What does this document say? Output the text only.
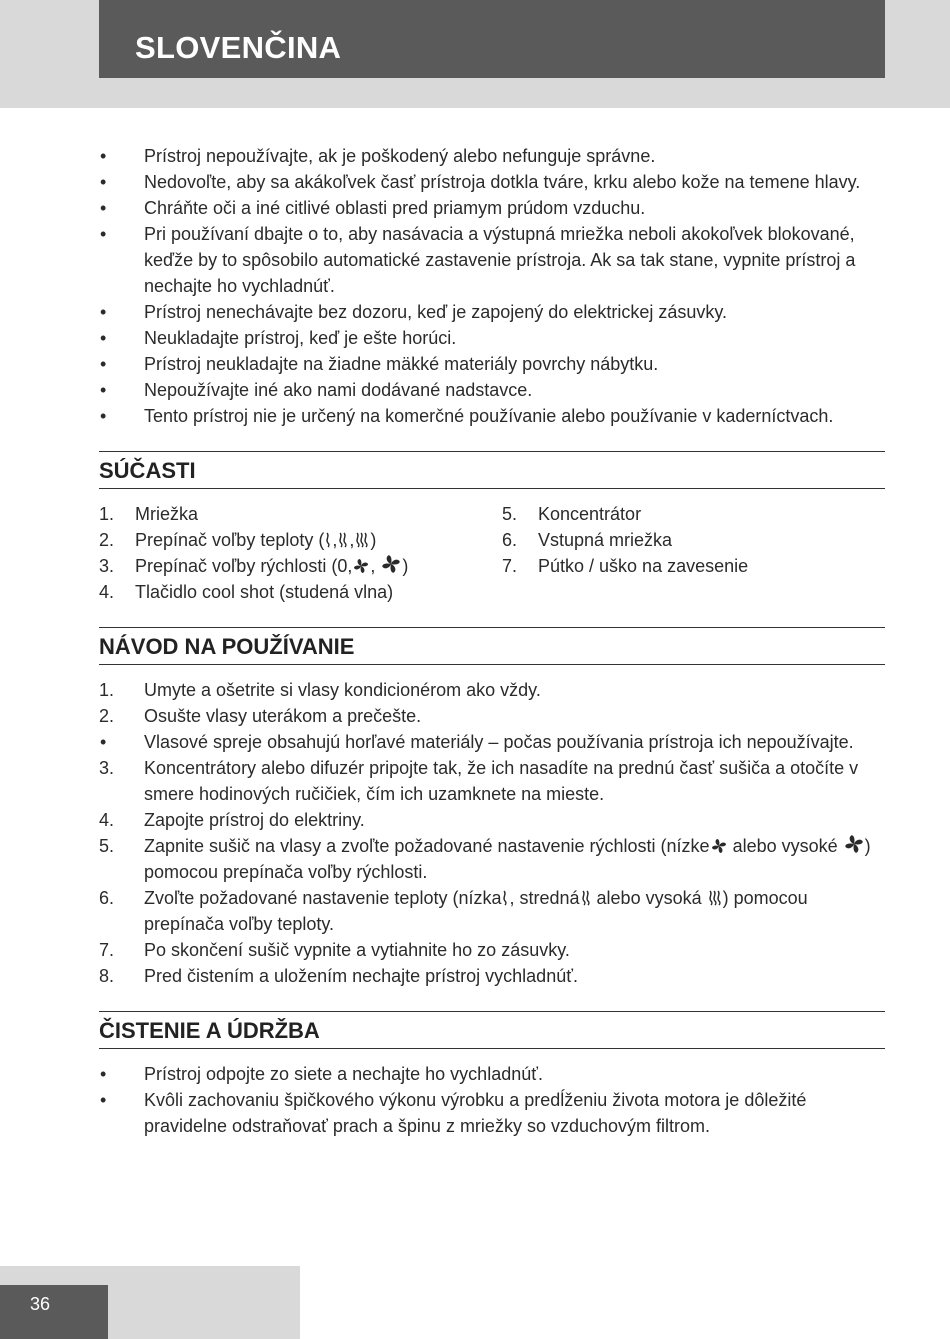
SLOVENČINA
• Prístroj nepoužívajte, ak je poškodený alebo nefunguje správne.
• Nedovoľte, aby sa akákoľvek časť prístroja dotkla tváre, krku alebo kože na temene hlavy.
• Chráňte oči a iné citlivé oblasti pred priamym prúdom vzduchu.
• Pri používaní dbajte o to, aby nasávacia a výstupná mriežka neboli akokoľvek blokované, keďže by to spôsobilo automatické zastavenie prístroja. Ak sa tak stane, vypnite prístroj a nechajte ho vychladnúť.
• Prístroj nenechávajte bez dozoru, keď je zapojený do elektrickej zásuvky.
• Neukladajte prístroj, keď je ešte horúci.
• Prístroj neukladajte na žiadne mäkké materiály povrchy nábytku.
• Nepoužívajte iné ako nami dodávané nadstavce.
• Tento prístroj nie je určený na komerčné používanie alebo používanie v kaderníctvach.
SÚČASTI
1. Mriežka
2. Prepínač voľby teploty ( , , )
3. Prepínač voľby rýchlosti (0, , )
4. Tlačidlo cool shot (studená vlna)
5. Koncentrátor
6. Vstupná mriežka
7. Pútko / uško na zavesenie
NÁVOD NA POUŽÍVANIE
1. Umyte a ošetrite si vlasy kondicionérom ako vždy.
2. Osušte vlasy uterákom a prečešte.
• Vlasové spreje obsahujú horľavé materiály – počas používania prístroja ich nepoužívajte.
3. Koncentrátory alebo difuzér pripojte tak, že ich nasadíte na prednú časť sušiča a otočíte v smere hodinových ručičiek, čím ich uzamknete na mieste.
4. Zapojte prístroj do elektriny.
5. Zapnite sušič na vlasy a zvoľte požadované nastavenie rýchlosti (nízke alebo vysoké ) pomocou prepínača voľby rýchlosti.
6. Zvoľte požadované nastavenie teploty (nízka , stredná alebo vysoká ) pomocou prepínača voľby teploty.
7. Po skončení sušič vypnite a vytiahnite ho zo zásuvky.
8. Pred čistením a uložením nechajte prístroj vychladnúť.
ČISTENIE A ÚDRŽBA
• Prístroj odpojte zo siete a nechajte ho vychladnúť.
• Kvôli zachovaniu špičkového výkonu výrobku a predĺženiu života motora je dôležité pravidelne odstraňovať prach a špinu z mriežky so vzduchovým filtrom.
36
